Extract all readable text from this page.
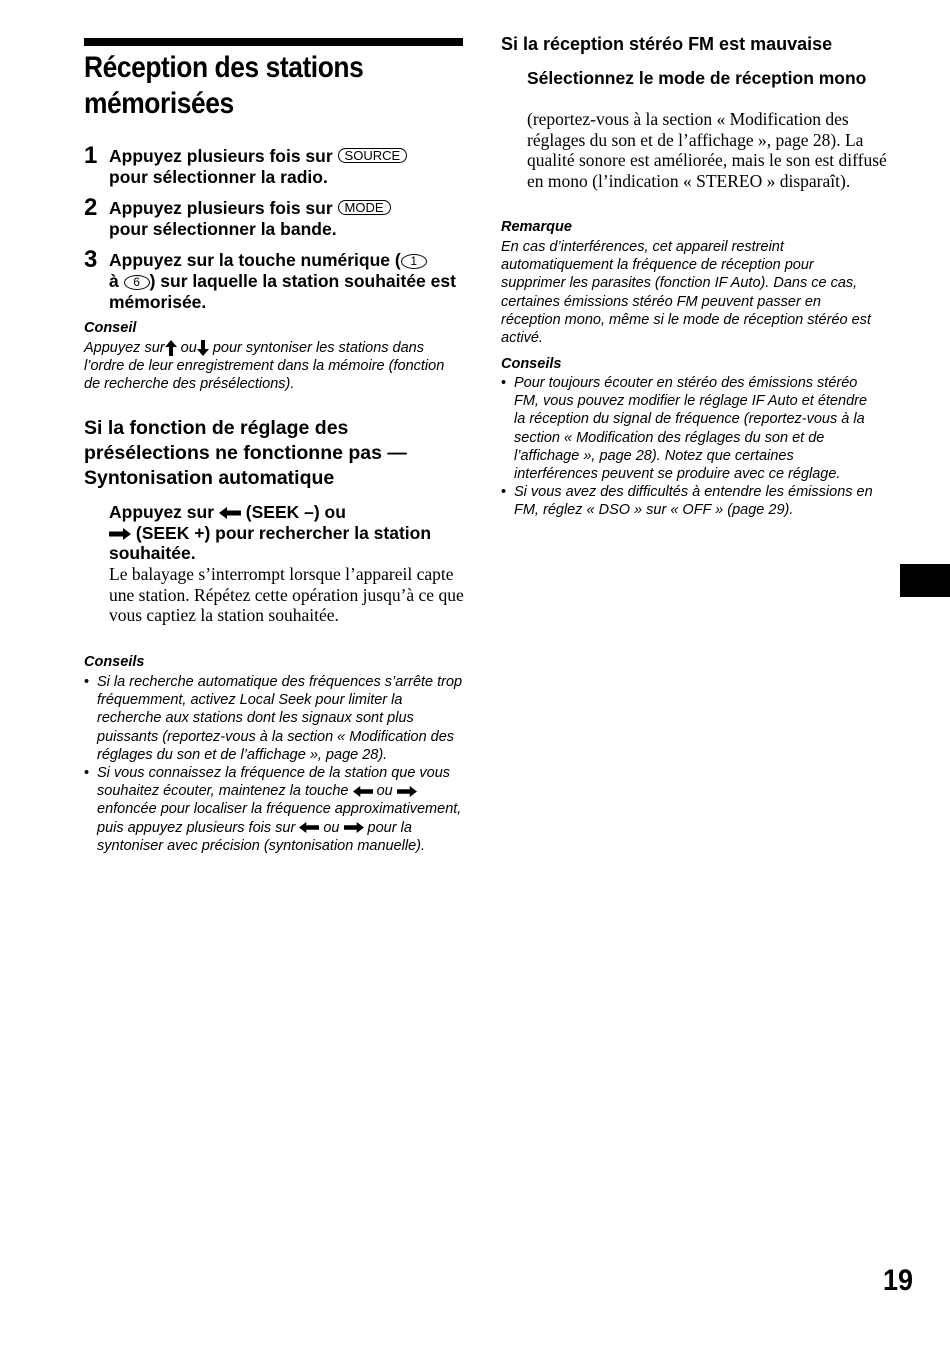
Réception des stations
mémorisées
1 Appuyez plusieurs fois sur SOURCE
pour sélectionner la radio.
2 Appuyez plusieurs fois sur MODE
pour sélectionner la bande.
3 Appuyez sur la touche numérique ( 1
à 6 ) sur laquelle la station souhaitée est mémorisée.
Conseil
Appuyez sur ou pour syntoniser les stations dans l’ordre de leur enregistrement dans la mémoire (fonction de recherche des présélections).
Si la fonction de réglage des présélections ne fonctionne pas — Syntonisation automatique
Appuyez sur (SEEK –) ou
(SEEK +) pour rechercher la station souhaitée.
Le balayage s’interrompt lorsque l’appareil capte une station. Répétez cette opération jusqu’à ce que vous captiez la station souhaitée.
Conseils
• Si la recherche automatique des fréquences s’arrête trop fréquemment, activez Local Seek pour limiter la recherche aux stations dont les signaux sont plus puissants (reportez-vous à la section « Modification des réglages du son et de l’affichage », page 28).
• Si vous connaissez la fréquence de la station que vous souhaitez écouter, maintenez la touche ou  enfoncée pour localiser la fréquence approximativement, puis appuyez plusieurs fois sur ou pour la syntoniser avec précision (syntonisation manuelle).
Si la réception stéréo FM est mauvaise
Sélectionnez le mode de réception mono
(reportez-vous à la section « Modification des réglages du son et de l’affichage », page 28). La qualité sonore est améliorée, mais le son est diffusé en mono (l’indication « STEREO » disparaît).
Remarque
En cas d’interférences, cet appareil restreint automatiquement la fréquence de réception pour supprimer les parasites (fonction IF Auto). Dans ce cas, certaines émissions stéréo FM peuvent passer en réception mono, même si le mode de réception stéréo est activé.
Conseils
• Pour toujours écouter en stéréo des émissions stéréo FM, vous pouvez modifier le réglage IF Auto et étendre la réception du signal de fréquence (reportez-vous à la section « Modification des réglages du son et de l’affichage », page 28). Notez que certaines interférences peuvent se produire avec ce réglage.
• Si vous avez des difficultés à entendre les émissions en FM, réglez « DSO » sur « OFF » (page 29).
19
